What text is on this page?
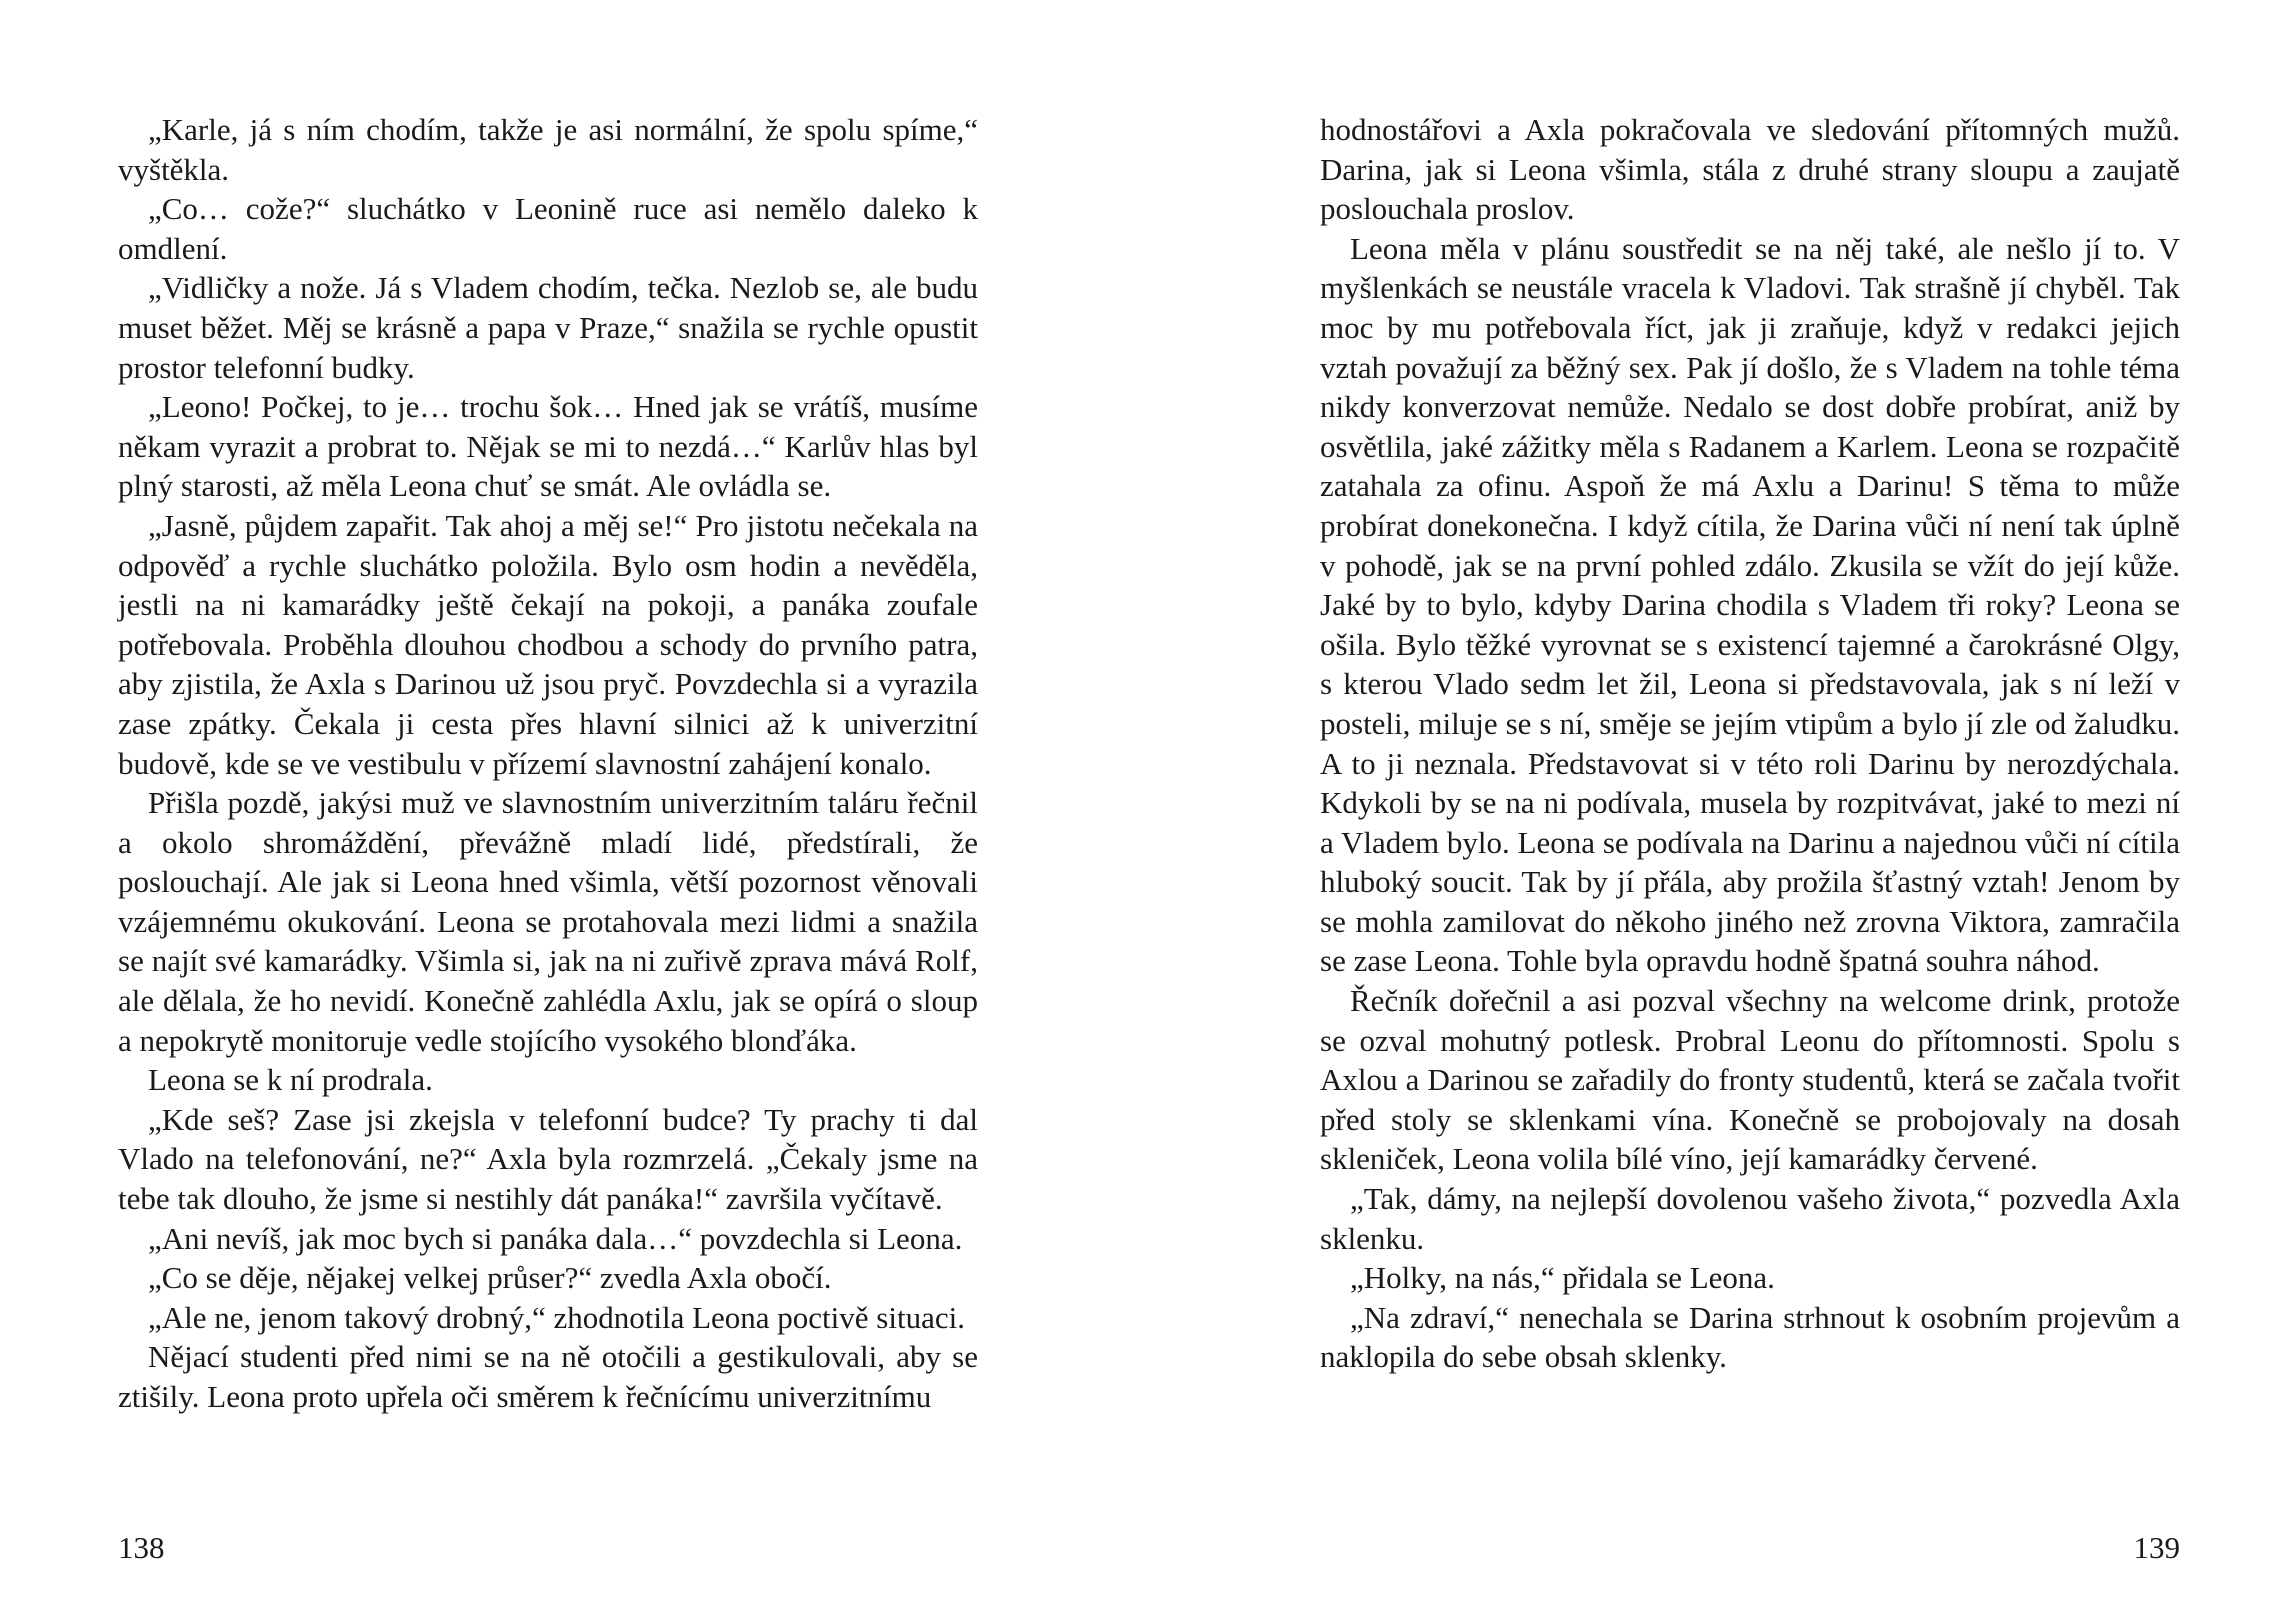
„Karle, já s ním chodím, takže je asi normální, že spolu spíme,“ vyštěkla.

„Co… cože?“ sluchátko v Leonině ruce asi nemělo daleko k omdlení.

„Vidličky a nože. Já s Vladem chodím, tečka. Nezlob se, ale budu muset běžet. Měj se krásně a papa v Praze,“ snažila se rychle opustit prostor telefonní budky.

„Leono! Počkej, to je… trochu šok… Hned jak se vrátíš, musíme někam vyrazit a probrat to. Nějak se mi to nezdá…“ Karlův hlas byl plný starosti, až měla Leona chuť se smát. Ale ovládla se.

„Jasně, půjdem zapařit. Tak ahoj a měj se!“ Pro jistotu nečekala na odpověď a rychle sluchátko položila. Bylo osm hodin a nevěděla, jestli na ni kamarádky ještě čekají na pokoji, a panáka zoufale potřebovala. Proběhla dlouhou chodbou a schody do prvního patra, aby zjistila, že Axla s Darinou už jsou pryč. Povzdechla si a vyrazila zase zpátky. Čekala ji cesta přes hlavní silnici až k univerzitní budově, kde se ve vestibulu v přízemí slavnostní zahájení konalo.

Přišla pozdě, jakýsi muž ve slavnostním univerzitním taláru řečnil a okolo shromáždění, převážně mladí lidé, předstírali, že poslouchají. Ale jak si Leona hned všimla, větší pozornost věnovali vzájemnému okukování. Leona se protahovala mezi lidmi a snažila se najít své kamarádky. Všimla si, jak na ni zuřivě zprava mává Rolf, ale dělala, že ho nevidí. Konečně zahlédla Axlu, jak se opírá o sloup a nepokrytě monitoruje vedle stojícího vysokého blonďáka.

Leona se k ní prodrala.

„Kde seš? Zase jsi zkejsla v telefonní budce? Ty prachy ti dal Vlado na telefonování, ne?“ Axla byla rozmrzelá. „Čekaly jsme na tebe tak dlouho, že jsme si nestihly dát panáka!“ završila vyčítavě.

„Ani nevíš, jak moc bych si panáka dala…“ povzdechla si Leona.

„Co se děje, nějakej velkej průser?“ zvedla Axla obočí.

„Ale ne, jenom takový drobný,“ zhodnotila Leona poctivě situaci.

Nějací studenti před nimi se na ně otočili a gestikulovali, aby se ztišily. Leona proto upřela oči směrem k řečnícímu univerzitnímu

138

hodnostářovi a Axla pokračovala ve sledování přítomných mužů. Darina, jak si Leona všimla, stála z druhé strany sloupu a zaujatě poslouchala proslov.

Leona měla v plánu soustředit se na něj také, ale nešlo jí to. V myšlenkách se neustále vracela k Vladovi. Tak strašně jí chyběl. Tak moc by mu potřebovala říct, jak ji zraňuje, když v redakci jejich vztah považují za běžný sex. Pak jí došlo, že s Vladem na tohle téma nikdy konverzovat nemůže. Nedalo se dost dobře probírat, aniž by osvětlila, jaké zážitky měla s Radanem a Karlem. Leona se rozpačitě zatahala za ofinu. Aspoň že má Axlu a Darinu! S těma to může probírat donekonečna. I když cítila, že Darina vůči ní není tak úplně v pohodě, jak se na první pohled zdálo. Zkusila se vžít do její kůže. Jaké by to bylo, kdyby Darina chodila s Vladem tři roky? Leona se ošila. Bylo těžké vyrovnat se s existencí tajemné a čarokrásné Olgy, s kterou Vlado sedm let žil, Leona si představovala, jak s ní leží v posteli, miluje se s ní, směje se jejím vtipům a bylo jí zle od žaludku. A to ji neznala. Představovat si v této roli Darinu by nerozdýchala. Kdykoli by se na ni podívala, musela by rozpitvávat, jaké to mezi ní a Vladem bylo. Leona se podívala na Darinu a najednou vůči ní cítila hluboký soucit. Tak by jí přála, aby prožila šťastný vztah! Jenom by se mohla zamilovat do někoho jiného než zrovna Viktora, zamračila se zase Leona. Tohle byla opravdu hodně špatná souhra náhod.

Řečník dořečnil a asi pozval všechny na welcome drink, protože se ozval mohutný potlesk. Probral Leonu do přítomnosti. Spolu s Axlou a Darinou se zařadily do fronty studentů, která se začala tvořit před stoly se sklenkami vína. Konečně se probojovaly na dosah skleniček, Leona volila bílé víno, její kamarádky červené.

„Tak, dámy, na nejlepší dovolenou vašeho života,“ pozvedla Axla sklenku.

„Holky, na nás,“ přidala se Leona.

„Na zdraví,“ nenechala se Darina strhnout k osobním projevům a naklopila do sebe obsah sklenky.

139
